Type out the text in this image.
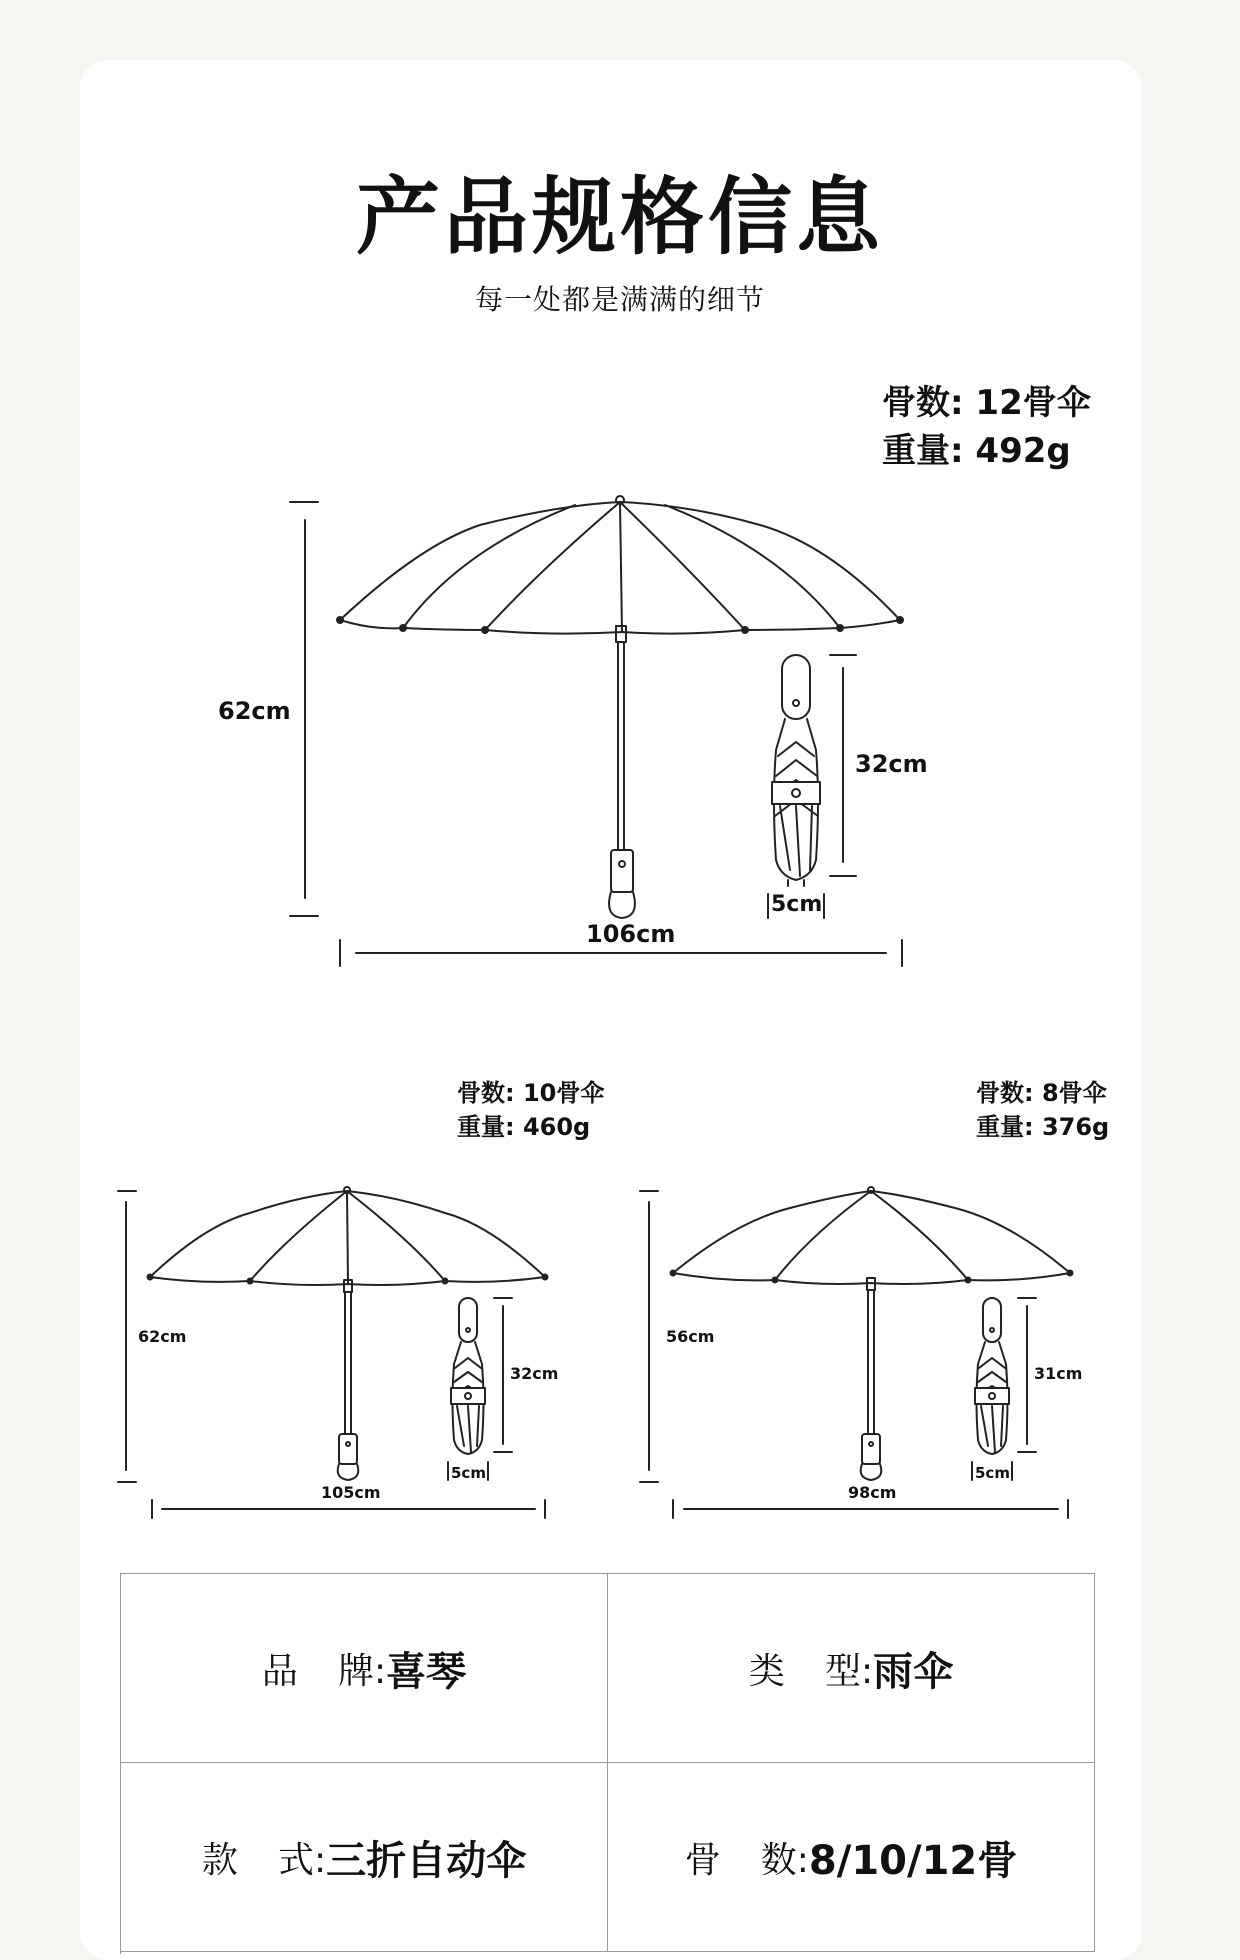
产品规格信息
每一处都是满满的细节
骨数: 12骨伞
重量: 492g
62cm
106cm
32cm
5cm
骨数: 10骨伞
重量: 460g
62cm
105cm
32cm
5cm
骨数: 8骨伞
重量: 376g
56cm
98cm
31cm
5cm
品 牌: 喜琴	类 型: 雨伞
款 式: 三折自动伞	骨 数: 8/10/12骨
